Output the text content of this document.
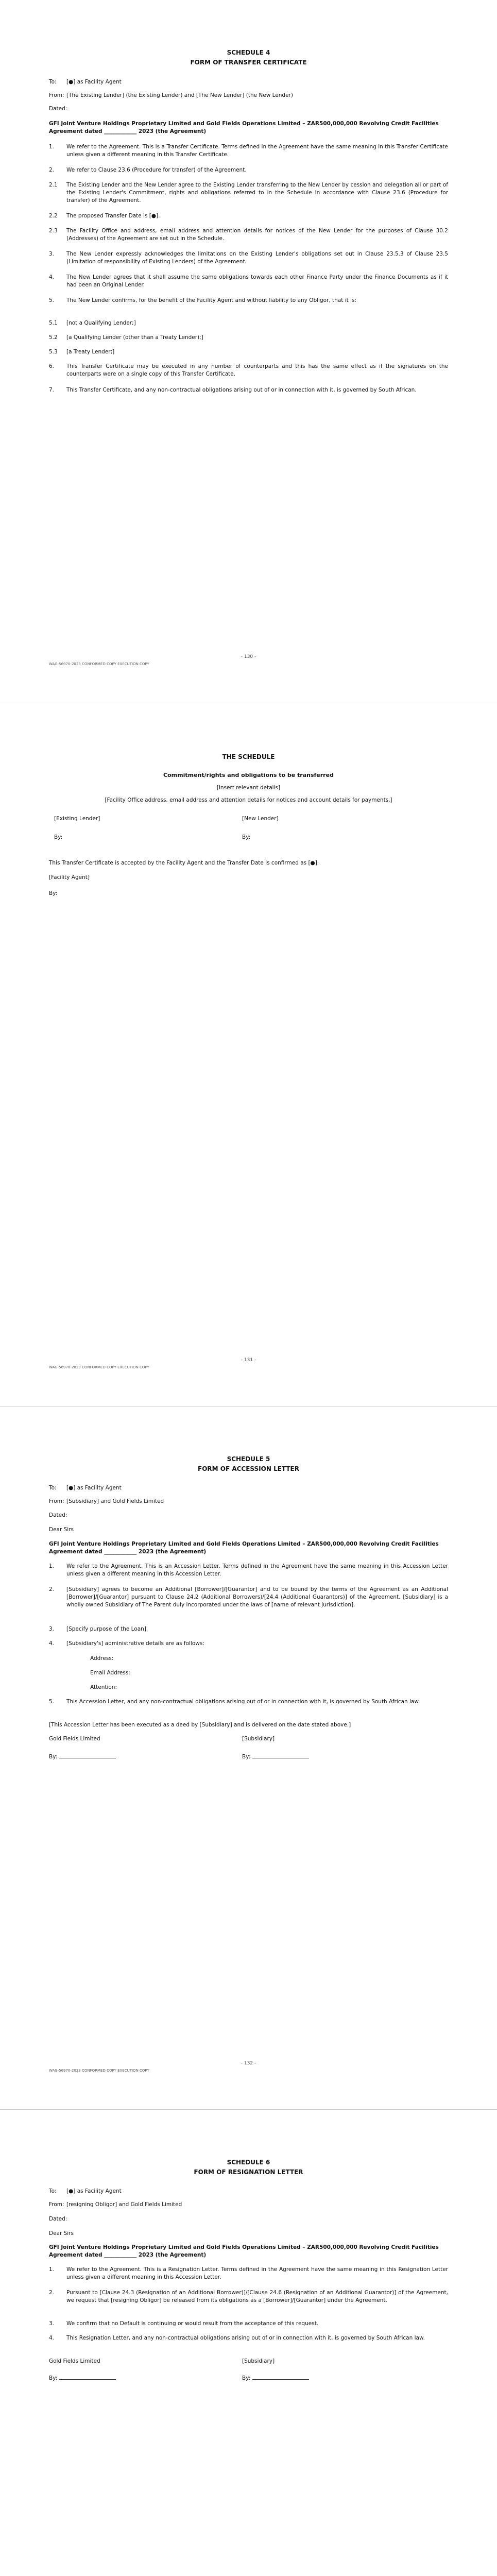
SCHEDULE 4
FORM OF TRANSFER CERTIFICATE
To:	[●] as Facility Agent
From: [The Existing Lender] (the Existing Lender) and [The New Lender] (the New Lender)
Dated:
GFI Joint Venture Holdings Proprietary Limited and Gold Fields Operations Limited – ZAR500,000,000 Revolving Credit Facilities Agreement dated ____________ 2023 (the Agreement)
1.	We refer to the Agreement. This is a Transfer Certificate. Terms defined in the Agreement have the same meaning in this Transfer Certificate unless given a different meaning in this Transfer Certificate.
2.	We refer to Clause 23.6 (Procedure for transfer) of the Agreement.
2.1	The Existing Lender and the New Lender agree to the Existing Lender transferring to the New Lender by cession and delegation all or part of the Existing Lender's Commitment, rights and obligations referred to in the Schedule in accordance with Clause 23.6 (Procedure for transfer) of the Agreement.
2.2	The proposed Transfer Date is [●].
2.3	The Facility Office and address, email address and attention details for notices of the New Lender for the purposes of Clause 30.2 (Addresses) of the Agreement are set out in the Schedule.
3.	The New Lender expressly acknowledges the limitations on the Existing Lender's obligations set out in Clause 23.5.3 of Clause 23.5 (Limitation of responsibility of Existing Lenders) of the Agreement.
4.	The New Lender agrees that it shall assume the same obligations towards each other Finance Party under the Finance Documents as if it had been an Original Lender.
5.	The New Lender confirms, for the benefit of the Facility Agent and without liability to any Obligor, that it is:
5.1	[not a Qualifying Lender;]
5.2	[a Qualifying Lender (other than a Treaty Lender);]
5.3	[a Treaty Lender;]
6.	This Transfer Certificate may be executed in any number of counterparts and this has the same effect as if the signatures on the counterparts were on a single copy of this Transfer Certificate.
7.	This Transfer Certificate, and any non-contractual obligations arising out of or in connection with it, is governed by South African.
- 130 -
WAG-56970-2023 CONFORMED COPY EXECUTION COPY
THE SCHEDULE
Commitment/rights and obligations to be transferred
[insert relevant details]
[Facility Office address, email address and attention details for notices and account details for payments,]
[Existing Lender]	[New Lender]
By:	By:
This Transfer Certificate is accepted by the Facility Agent and the Transfer Date is confirmed as [●].
[Facility Agent]
By:
- 131 -
WAG-56970-2023 CONFORMED COPY EXECUTION COPY
SCHEDULE 5
FORM OF ACCESSION LETTER
To:	[●] as Facility Agent
From: [Subsidiary] and Gold Fields Limited
Dated:
Dear Sirs
GFI Joint Venture Holdings Proprietary Limited and Gold Fields Operations Limited – ZAR500,000,000 Revolving Credit Facilities Agreement dated ____________ 2023 (the Agreement)
1.	We refer to the Agreement. This is an Accession Letter. Terms defined in the Agreement have the same meaning in this Accession Letter unless given a different meaning in this Accession Letter.
2.	[Subsidiary] agrees to become an Additional [Borrower]/[Guarantor] and to be bound by the terms of the Agreement as an Additional [Borrower]/[Guarantor] pursuant to Clause 24.2 (Additional Borrowers)/[24.4 (Additional Guarantors)] of the Agreement. [Subsidiary] is a wholly owned Subsidiary of The Parent duly incorporated under the laws of [name of relevant jurisdiction].
3.	[Specify purpose of the Loan].
4.	[Subsidiary's] administrative details are as follows:
Address:
Email Address:
Attention:
5.	This Accession Letter, and any non-contractual obligations arising out of or in connection with it, is governed by South African law.
[This Accession Letter has been executed as a deed by [Subsidiary] and is delivered on the date stated above.]
Gold Fields Limited	[Subsidiary]
By:	By:
- 132 -
WAG-56970-2023 CONFORMED COPY EXECUTION COPY
SCHEDULE 6
FORM OF RESIGNATION LETTER
To:	[●] as Facility Agent
From: [resigning Obligor] and Gold Fields Limited
Dated:
Dear Sirs
GFI Joint Venture Holdings Proprietary Limited and Gold Fields Operations Limited – ZAR500,000,000 Revolving Credit Facilities Agreement dated ____________ 2023 (the Agreement)
1.	We refer to the Agreement. This is a Resignation Letter. Terms defined in the Agreement have the same meaning in this Resignation Letter unless given a different meaning in this Accession Letter.
2.	Pursuant to [Clause 24.3 (Resignation of an Additional Borrower)]/[Clause 24.6 (Resignation of an Additional Guarantor)] of the Agreement, we request that [resigning Obligor] be released from its obligations as a [Borrower]/[Guarantor] under the Agreement.
3.	We confirm that no Default is continuing or would result from the acceptance of this request.
4.	This Resignation Letter, and any non-contractual obligations arising out of or in connection with it, is governed by South African law.
Gold Fields Limited	[Subsidiary]
By:	By:
